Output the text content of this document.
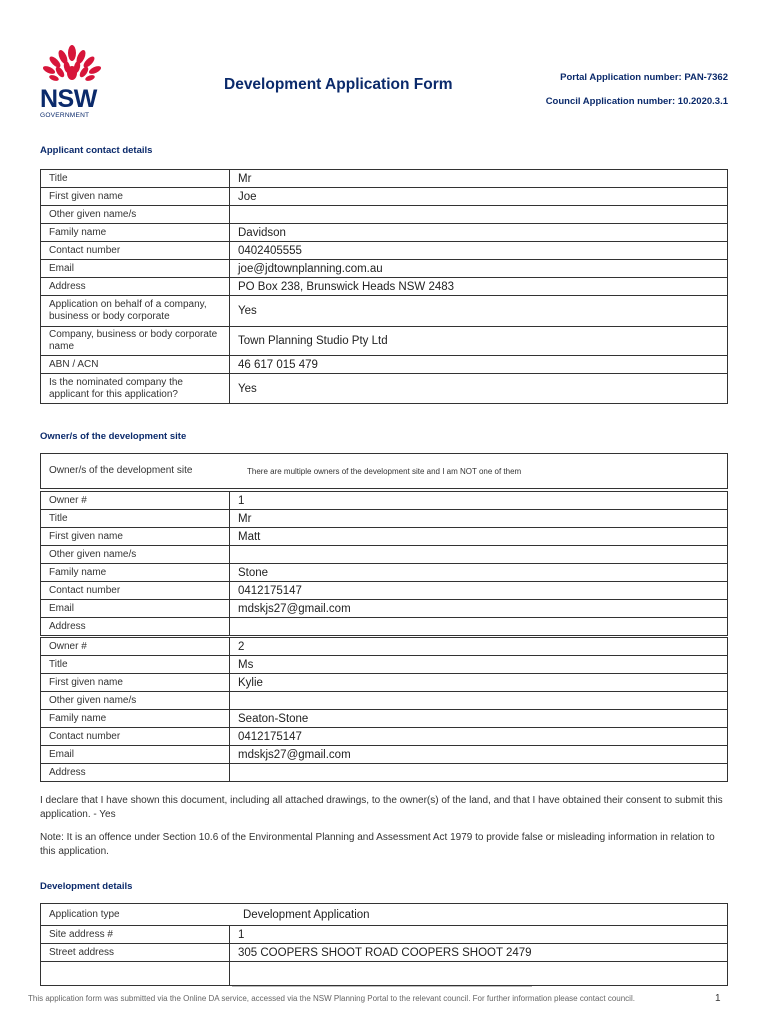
NSW
GOVERNMENT
Development Application Form	Portal Application number: PAN-7362
Council Application number: 10.2020.3.1
Applicant contact details
Title	Mr
First given name	Joe
Other given name/s	
Family name	Davidson
Contact number	0402405555
Email	joe@jdtownplanning.com.au
Address	PO Box 238, Brunswick Heads NSW 2483
Application on behalf of a company, business or body corporate	Yes
Company, business or body corporate name	Town Planning Studio Pty Ltd
ABN / ACN	46 617 015 479
Is the nominated company the applicant for this application?	Yes
Owner/s of the development site
Owner/s of the development site	There are multiple owners of the development site and I am NOT one of them
Owner #	1
Title	Mr
First given name	Matt
Other given name/s	
Family name	Stone
Contact number	0412175147
Email	mdskjs27@gmail.com
Address	
Owner #	2
Title	Ms
First given name	Kylie
Other given name/s	
Family name	Seaton-Stone
Contact number	0412175147
Email	mdskjs27@gmail.com
Address	
I declare that I have shown this document, including all attached drawings, to the owner(s) of the land, and that I have obtained their consent to submit this application. - Yes
Note: It is an offence under Section 10.6 of the Environmental Planning and Assessment Act 1979 to provide false or misleading information in relation to this application.
Development details
Application type	Development Application
Site address #	1
Street address	305 COOPERS SHOOT ROAD COOPERS SHOOT 2479

This application form was submitted via the Online DA service, accessed via the NSW Planning Portal to the relevant council. For further information please contact council.	1
